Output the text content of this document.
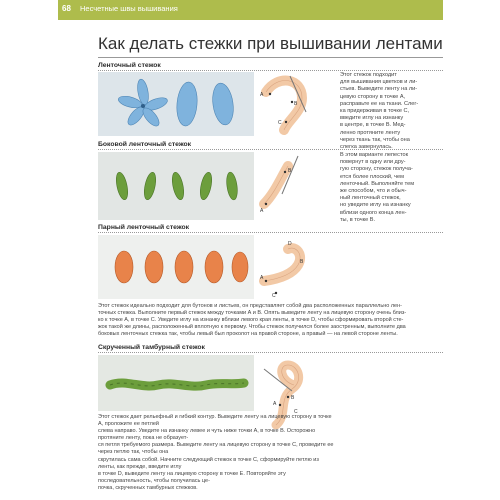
68 Несчетные швы вышивания
Как делать стежки при вышивании лентами
Ленточный стежок
B
C
A
Этот стежок подходит
для вышивания цветков и ли-
стьев. Выведите ленту на ли-
цевую сторону в точке А,
расправьте ее на ткани. Слег-
ка придерживая в точке С,
введите иглу на изнанку
в центре, в точке В. Мед-
ленно протяните ленту
через ткань так, чтобы она
слегка завернулась.
Боковой ленточный стежок
B
A
В этом варианте лепесток
повернут в одну или дру-
гую сторону, стежок получа-
ется более плоский, чем
ленточный. Выполняйте тем
же способом, что и обыч-
ный ленточный стежок,
но уведите иглу на изнанку
вблизи одного конца лен-
ты, в точке В.
Парный ленточный стежок
D
B
A
C
Этот стежок идеально подходит для бутонов и листьев, он представляет собой два расположенных параллельно лен-
точных стежка. Выполните первый стежок между точками А и В. Опять выведите ленту на лицевую сторону очень близ-
ко к точке А, в точке С. Уведите иглу на изнанку вблизи левого края ленты, в точке D, чтобы сформировать второй сте-
жок такой же длины, расположенный вплотную к первому. Чтобы стежок получился более заостренным, выполните два
боковых ленточных стежка так, чтобы левый был проколот на правой стороне, а правый — на левой стороне ленты.
Скрученный тамбурный стежок
B
A
C
Этот стежок дает рельефный и гибкий контур. Выведите ленту на лицевую сторону в точке А, проложите ее петлей
слева направо. Уведите на изнанку левее и чуть ниже точки А, в точке В. Осторожно протяните ленту, пока не образует-
ся петля требуемого размера. Выведите ленту на лицевую сторону в точке С, проведите ее через петлю так, чтобы она
скрутилась сама собой. Начните следующий стежок в точке С, сформируйте петлю из ленты, как прежде, введите иглу
в точке D, выведите ленту на лицевую сторону в точке Е. Повторяйте эту последовательность, чтобы получилась це-
почка, скрученных тамбурных стежков.
